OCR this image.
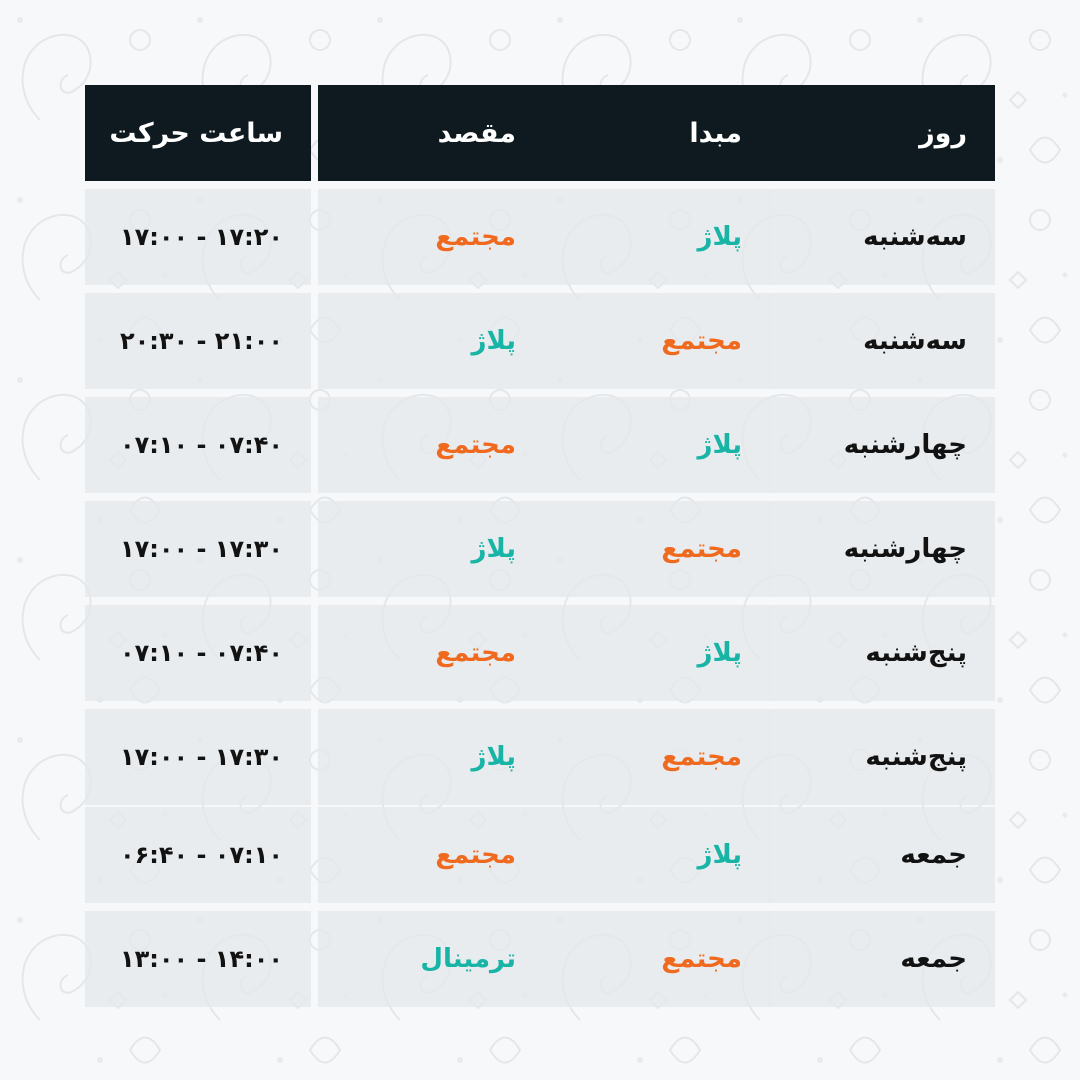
روز
مبدا
مقصد
ساعت حرکت
سه‌شنبه
پلاژ
مجتمع
۱۷:۰۰ - ۱۷:۲۰
سه‌شنبه
مجتمع
پلاژ
۲۰:۳۰ - ۲۱:۰۰
چهارشنبه
پلاژ
مجتمع
۰۷:۱۰ - ۰۷:۴۰
چهارشنبه
مجتمع
پلاژ
۱۷:۰۰ - ۱۷:۳۰
پنج‌شنبه
پلاژ
مجتمع
۰۷:۱۰ - ۰۷:۴۰
پنج‌شنبه
مجتمع
پلاژ
۱۷:۰۰ - ۱۷:۳۰
جمعه
پلاژ
مجتمع
۰۶:۴۰ - ۰۷:۱۰
جمعه
مجتمع
ترمینال
۱۳:۰۰ - ۱۴:۰۰
